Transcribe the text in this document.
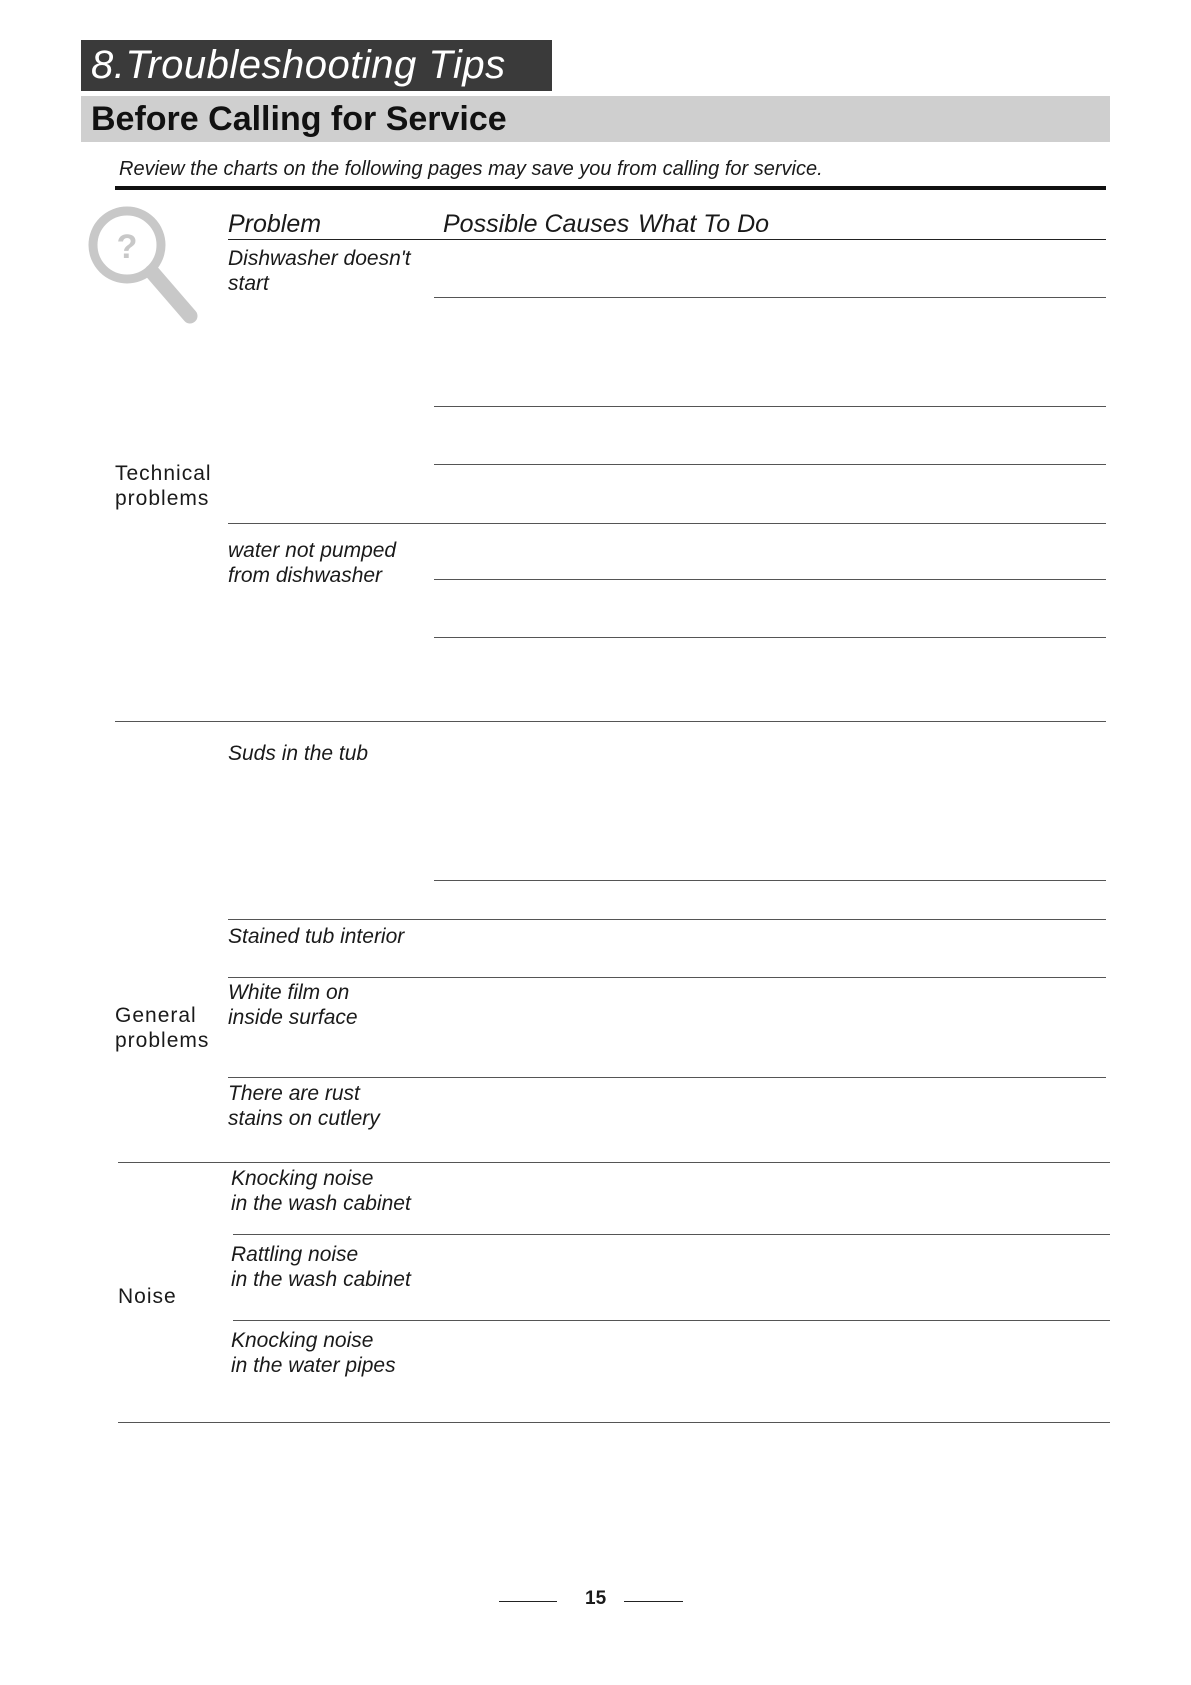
8.Troubleshooting Tips
Before Calling for Service
Review the charts on the following pages may save you from calling for service.
?
Problem	Possible Causes What To Do
Technical
problems
General
problems
Noise
Dishwasher doesn't
start
water not pumped
from dishwasher
Suds in the tub
Stained tub interior
White film on
inside surface
There are rust
stains on cutlery
Knocking noise
in the wash cabinet
Rattling noise
in the wash cabinet
Knocking noise
in the water pipes
15
